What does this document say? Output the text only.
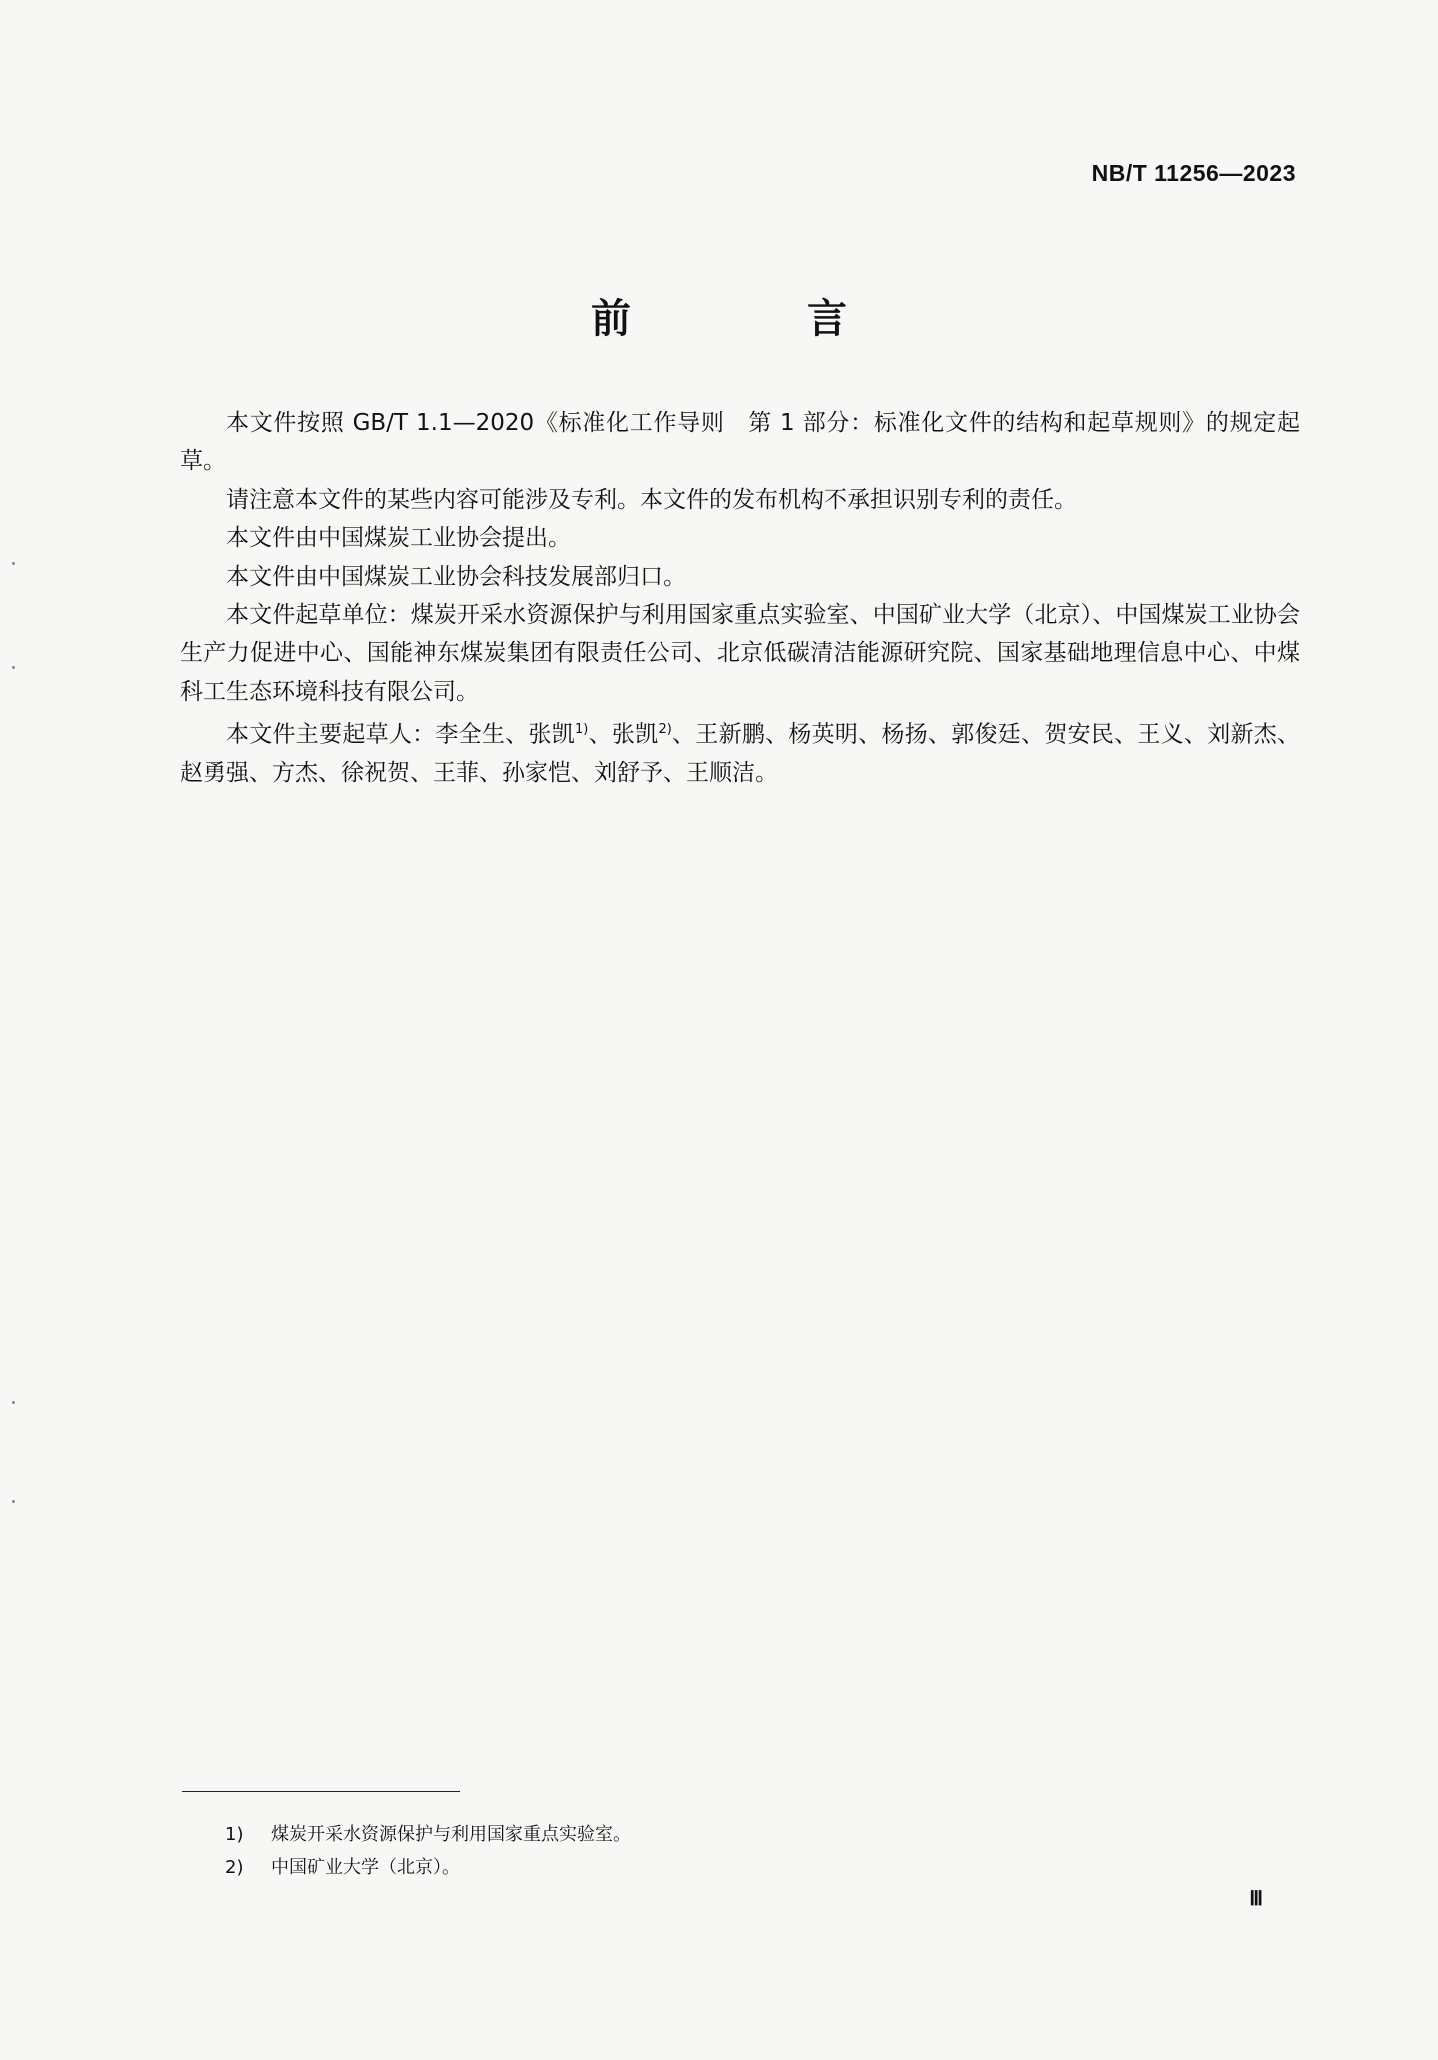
NB/T 11256—2023
前　言

本文件按照 GB/T 1.1—2020《标准化工作导则　第 1 部分：标准化文件的结构和起草规则》的规定起草。

请注意本文件的某些内容可能涉及专利。本文件的发布机构不承担识别专利的责任。

本文件由中国煤炭工业协会提出。

本文件由中国煤炭工业协会科技发展部归口。

本文件起草单位：煤炭开采水资源保护与利用国家重点实验室、中国矿业大学（北京）、中国煤炭工业协会生产力促进中心、国能神东煤炭集团有限责任公司、北京低碳清洁能源研究院、国家基础地理信息中心、中煤科工生态环境科技有限公司。

本文件主要起草人：李全生、张凯$^{1)}$、张凯$^{2)}$、王新鹏、杨英明、杨扬、郭俊廷、贺安民、王义、刘新杰、赵勇强、方杰、徐祝贺、王菲、孙家恺、刘舒予、王顺洁。

1)	煤炭开采水资源保护与利用国家重点实验室。
2)	中国矿业大学（北京）。
Ⅲ
